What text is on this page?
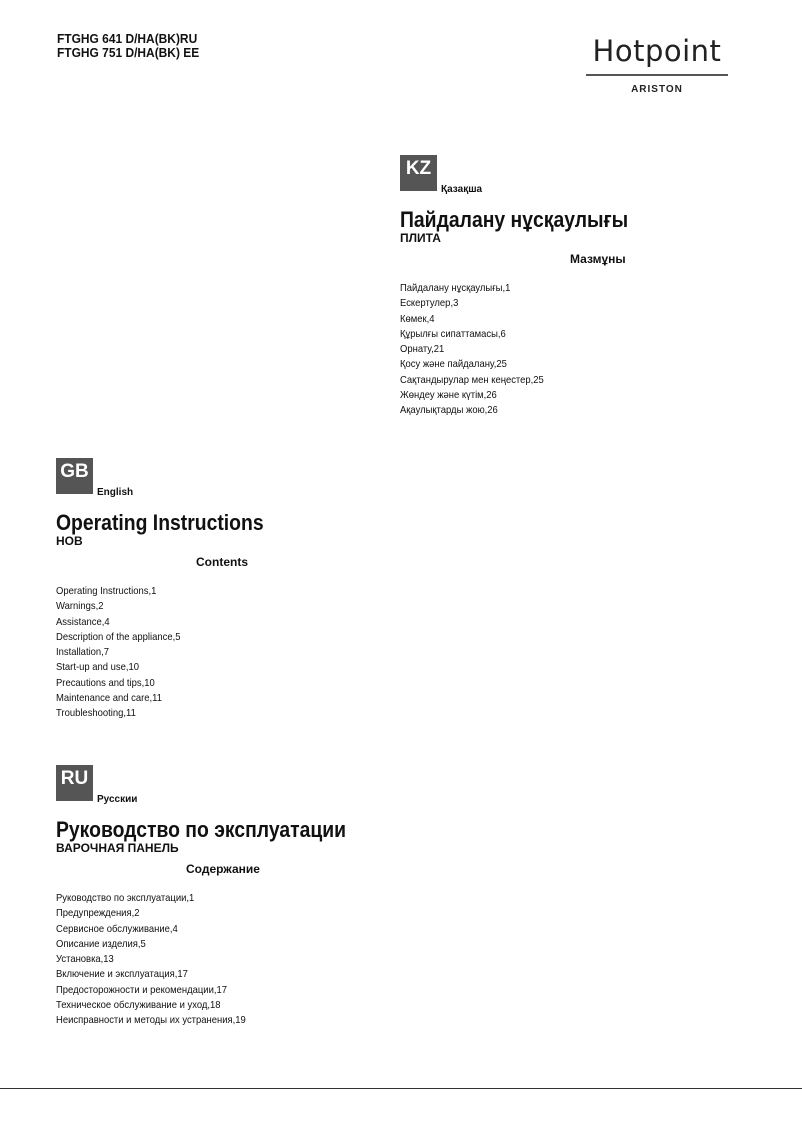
FTGHG 641 D/HA(BK)RU
FTGHG 751 D/HA(BK) EE	Hotpoint
ARISTON
KZ
Қазақша
Пайдалану нұсқаулығы
ПЛИТА
Мазмұны
Пайдалану нұсқаулығы,1
Ескертулер,3
Көмек,4
Құрылғы сипаттамасы,6
Орнату,21
Қосу және пайдалану,25
Сақтандырулар мен кеңестер,25
Жөндеу және күтім,26
Ақаулықтарды жою,26
GB
English
Operating Instructions
HOB
Contents
Operating Instructions,1
Warnings,2
Assistance,4
Description of the appliance,5
Installation,7
Start-up and use,10
Precautions and tips,10
Maintenance and care,11
Troubleshooting,11
RU
Русскии
Руководство по эксплуатации
ВАРОЧНАЯ ПАНЕЛЬ
Содержание
Руководство по эксплуатации,1
Предупреждения,2
Сервисное обслуживание,4
Описание изделия,5
Установка,13
Включение и эксплуатация,17
Предосторожности и рекомендации,17
Техническое обслуживание и уход,18
Неисправности и методы их устранения,19
